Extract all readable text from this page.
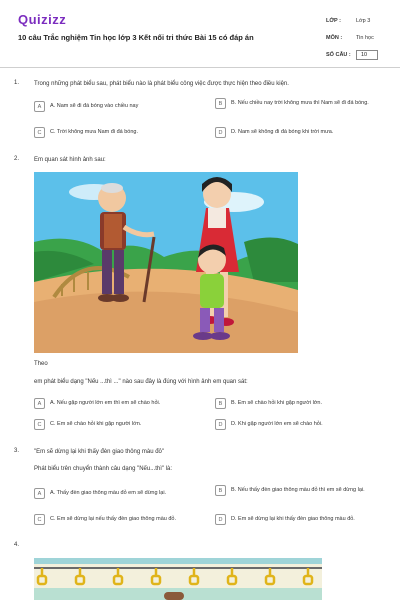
Quizizz
10 câu Trắc nghiệm Tin học lớp 3 Kết nối tri thức Bài 15 có đáp án
LỚP :	Lớp 3
MÔN :	Tin học
SỐ CÂU :	10
1. Trong những phát biểu sau, phát biểu nào là phát biểu công việc được thực hiện theo điều kiện.
A	A. Nam sẽ đi đá bóng vào chiều nay	B	B. Nếu chiều nay trời không mưa thì Nam sẽ đi đá bóng.
C	C. Trời không mưa Nam đi đá bóng.	D	D. Nam sẽ không đi đá bóng khi trời mưa.
2. Em quan sát hình ảnh sau:
Theo
em phát biểu dạng "Nếu ...thì ..." nào sau đây là đúng với hình ảnh em quan sát:
A	A. Nếu gặp người lớn em thì em sẽ chào hỏi.	B	B. Em sẽ chào hỏi khi gặp người lớn.
C	C. Em sẽ chào hỏi khi gặp người lớn.	D	D. Khi gặp người lớn em sẽ chào hỏi.
3. "Em sẽ dừng lại khi thấy đèn giao thông màu đỏ"
Phát biểu trên chuyển thành câu dạng "Nếu...thì" là:
A	A. Thấy đèn giao thông màu đỏ em sẽ dừng lại.	B	B. Nếu thấy đèn giao thông màu đỏ thì em sẽ dừng lại.
C	C. Em sẽ dừng lại nếu thấy đèn giao thông màu đỏ.	D	D. Em sẽ dừng lại khi thấy đèn giao thông màu đỏ.
4.
